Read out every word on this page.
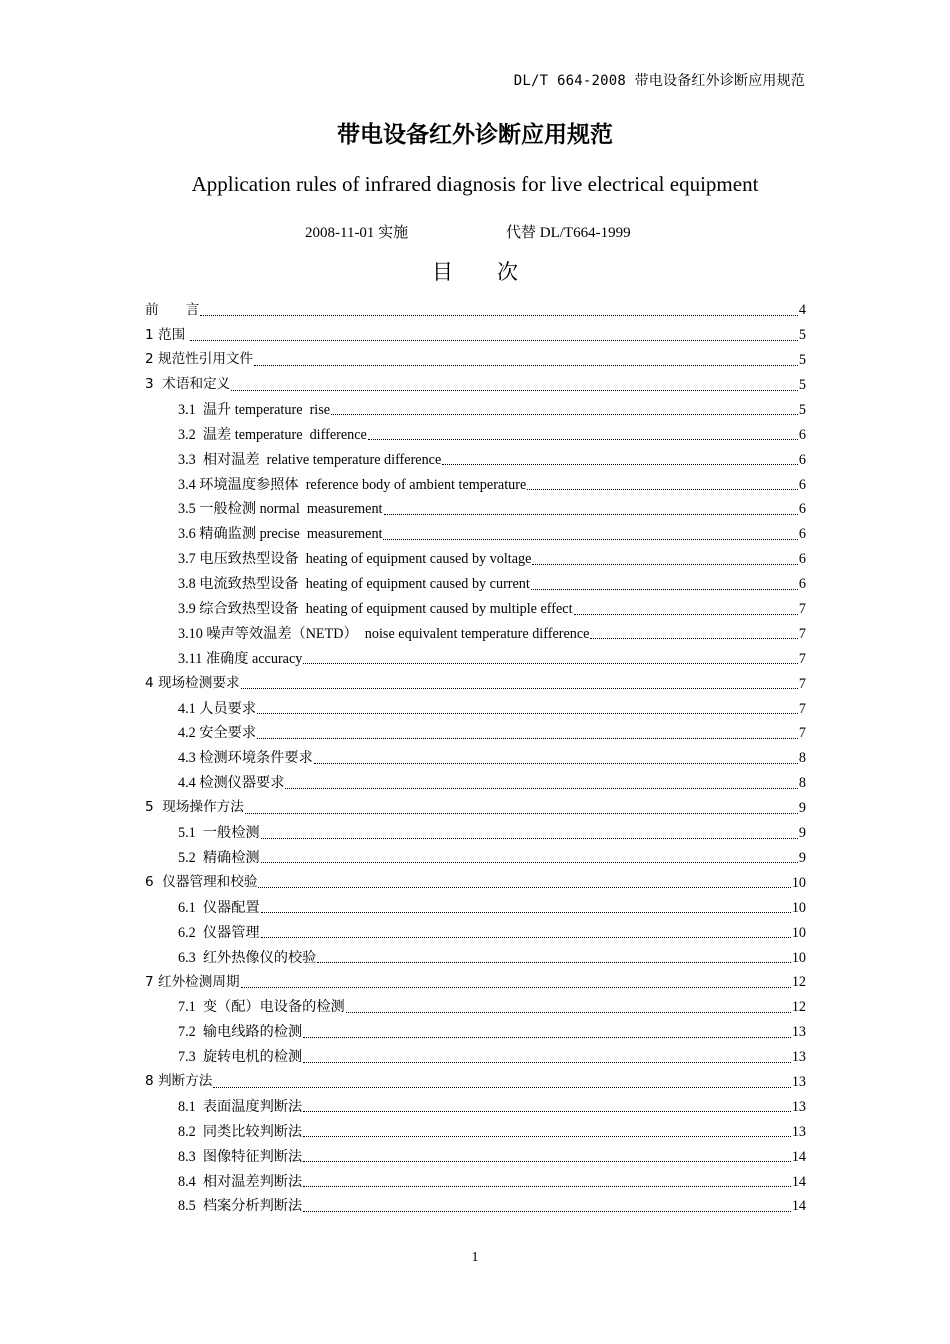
DL/T 664-2008 带电设备红外诊断应用规范
带电设备红外诊断应用规范
Application rules of infrared diagnosis for live electrical equipment
2008-11-01 实施	代替 DL/T664-1999
目次
前　　言	4
1 范围	5
2 规范性引用文件	5
3  术语和定义	5
3.1  温升 temperature  rise	5
3.2  温差 temperature  difference	6
3.3  相对温差  relative temperature difference	6
3.4 环境温度参照体  reference body of ambient temperature	6
3.5 一般检测 normal  measurement	6
3.6 精确监测 precise  measurement	6
3.7 电压致热型设备  heating of equipment caused by voltage	6
3.8 电流致热型设备  heating of equipment caused by current	6
3.9 综合致热型设备  heating of equipment caused by multiple effect	7
3.10 噪声等效温差（NETD）  noise equivalent temperature difference	7
3.11 准确度 accuracy	7
4 现场检测要求	7
4.1 人员要求	7
4.2 安全要求	7
4.3 检测环境条件要求	8
4.4 检测仪器要求	8
5  现场操作方法	9
5.1  一般检测	9
5.2  精确检测	9
6  仪器管理和校验	10
6.1  仪器配置	10
6.2  仪器管理	10
6.3  红外热像仪的校验	10
7 红外检测周期	12
7.1  变（配）电设备的检测	12
7.2  输电线路的检测	13
7.3  旋转电机的检测	13
8 判断方法	13
8.1  表面温度判断法	13
8.2  同类比较判断法	13
8.3  图像特征判断法	14
8.4  相对温差判断法	14
8.5  档案分析判断法	14
1
